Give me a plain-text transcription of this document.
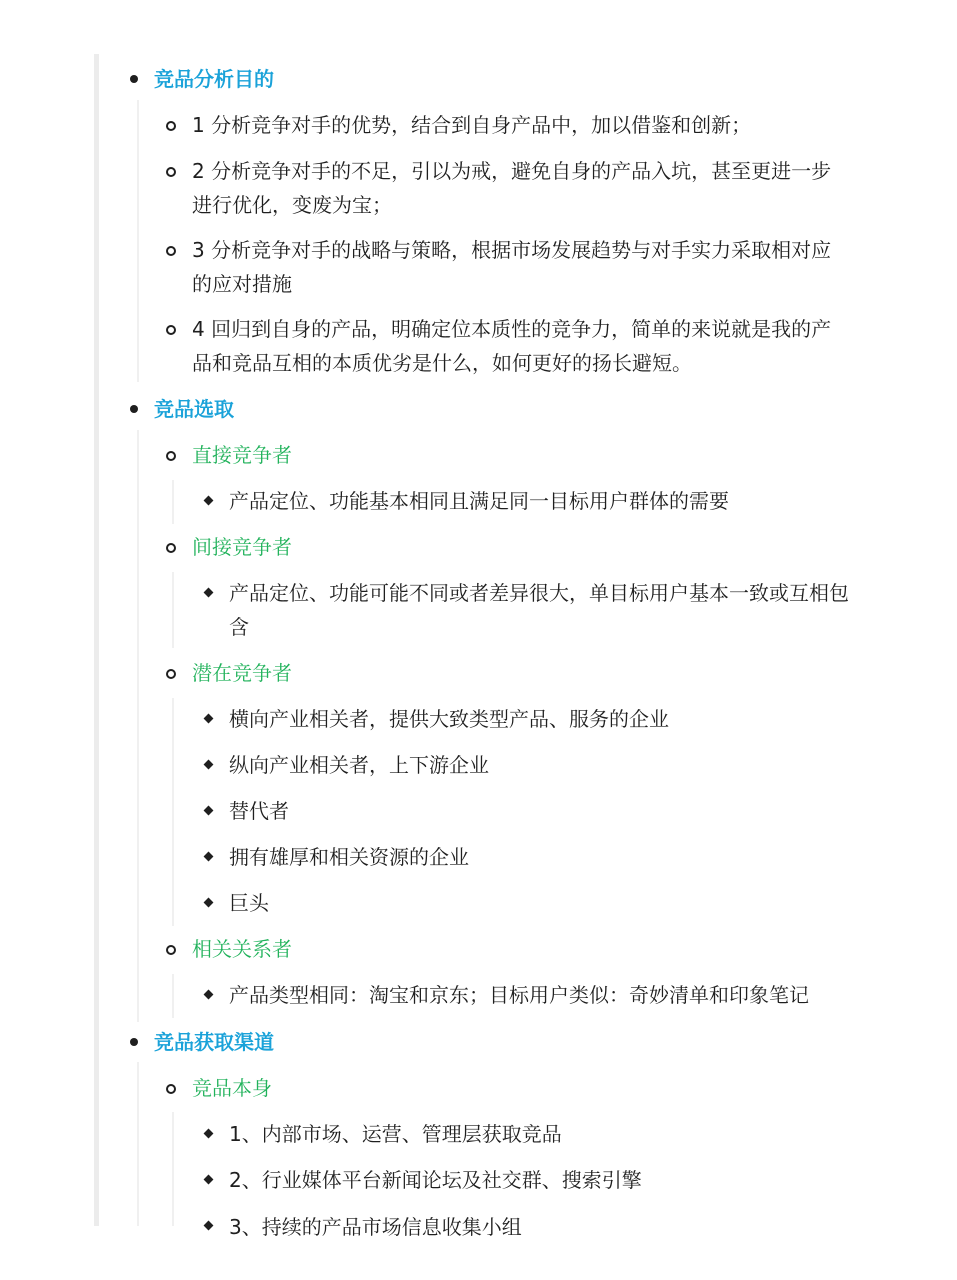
竞品分析目的
1 分析竞争对手的优势，结合到自身产品中，加以借鉴和创新；
2 分析竞争对手的不足，引以为戒，避免自身的产品入坑，甚至更进一步进行优化，变废为宝；
3 分析竞争对手的战略与策略，根据市场发展趋势与对手实力采取相对应的应对措施
4 回归到自身的产品，明确定位本质性的竞争力，简单的来说就是我的产品和竞品互相的本质优劣是什么，如何更好的扬长避短。
竞品选取
直接竞争者
产品定位、功能基本相同且满足同一目标用户群体的需要
间接竞争者
产品定位、功能可能不同或者差异很大，单目标用户基本一致或互相包含
潜在竞争者
横向产业相关者，提供大致类型产品、服务的企业
纵向产业相关者，上下游企业
替代者
拥有雄厚和相关资源的企业
巨头
相关关系者
产品类型相同：淘宝和京东；目标用户类似：奇妙清单和印象笔记
竞品获取渠道
竞品本身
1、内部市场、运营、管理层获取竞品
2、行业媒体平台新闻论坛及社交群、搜索引擎
3、持续的产品市场信息收集小组
